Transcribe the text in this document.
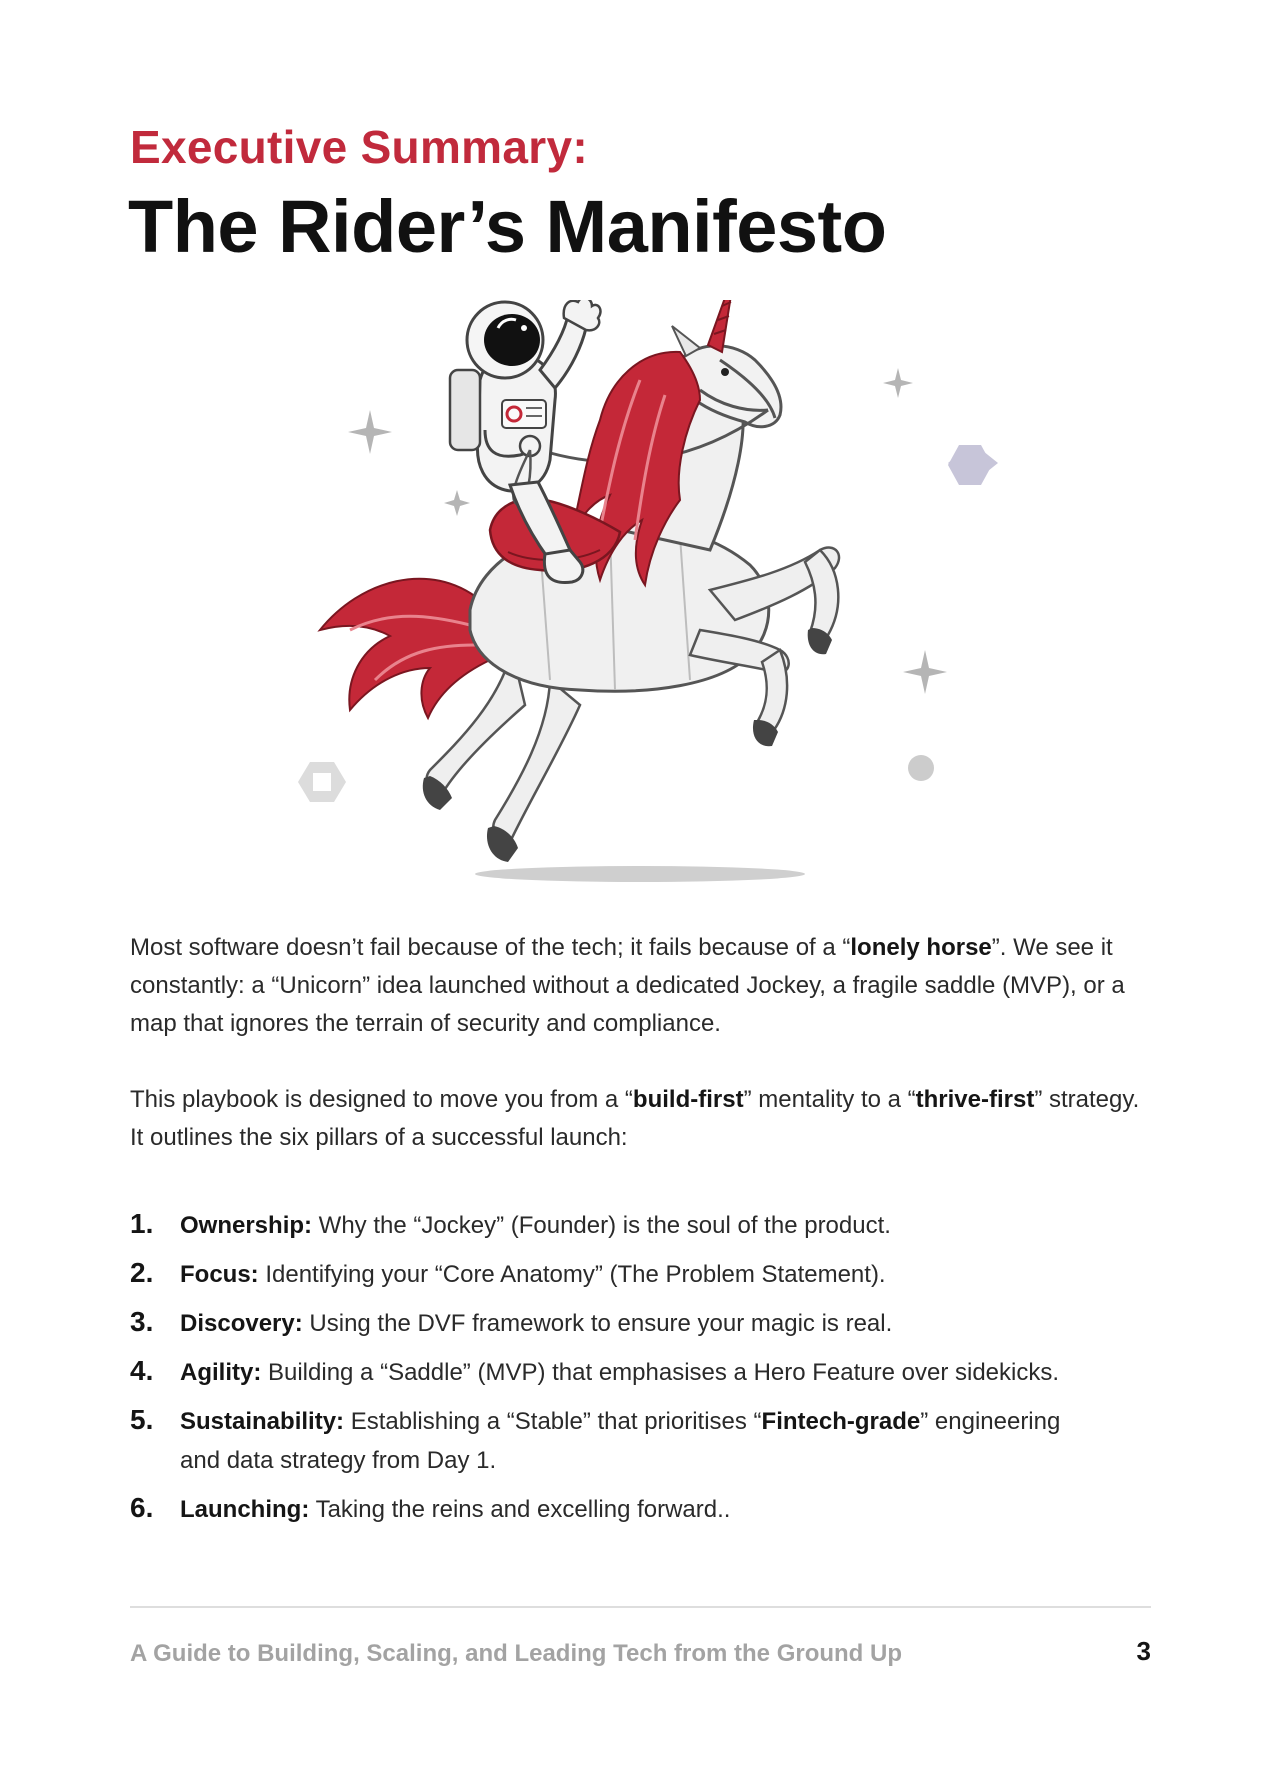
Executive Summary:
The Rider’s Manifesto
Most software doesn’t fail because of the tech; it fails because of a “lonely horse”. We see it constantly: a “Unicorn” idea launched without a dedicated Jockey, a fragile saddle (MVP), or a map that ignores the terrain of security and compliance.
This playbook is designed to move you from a “build-first” mentality to a “thrive-first” strategy. It outlines the six pillars of a successful launch:
1. Ownership: Why the “Jockey” (Founder) is the soul of the product.
2. Focus: Identifying your “Core Anatomy” (The Problem Statement).
3. Discovery: Using the DVF framework to ensure your magic is real.
4. Agility: Building a “Saddle” (MVP) that emphasises a Hero Feature over sidekicks.
5. Sustainability: Establishing a “Stable” that prioritises “Fintech-grade” engineering and data strategy from Day 1.
6. Launching: Taking the reins and excelling forward..
A Guide to Building, Scaling, and Leading Tech from the Ground Up	3
